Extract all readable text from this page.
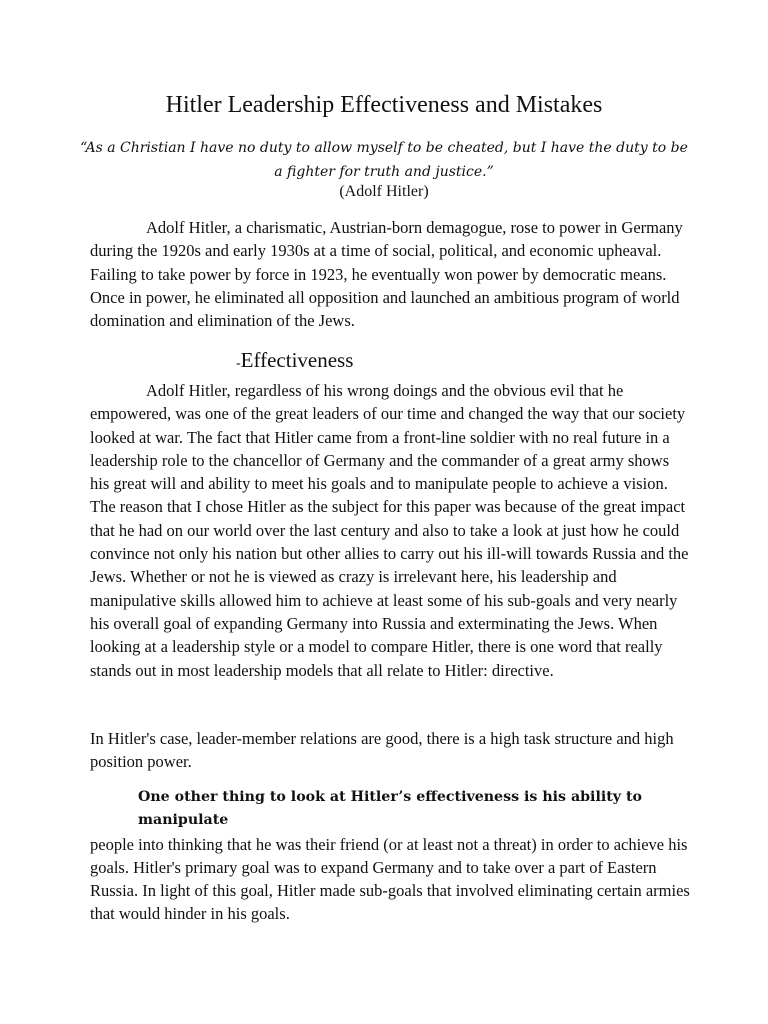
Hitler Leadership Effectiveness and Mistakes

“As a Christian I have no duty to allow myself to be cheated, but I have the duty to be a fighter for truth and justice.”

(Adolf Hitler)

Adolf Hitler, a charismatic, Austrian-born demagogue, rose to power in Germany during the 1920s and early 1930s at a time of social, political, and economic upheaval. Failing to take power by force in 1923, he eventually won power by democratic means. Once in power, he eliminated all opposition and launched an ambitious program of world domination and elimination of the Jews.

-Effectiveness

Adolf Hitler, regardless of his wrong doings and the obvious evil that he empowered, was one of the great leaders of our time and changed the way that our society looked at war. The fact that Hitler came from a front-line soldier with no real future in a leadership role to the chancellor of Germany and the commander of a great army shows his great will and ability to meet his goals and to manipulate people to achieve a vision. The reason that I chose Hitler as the subject for this paper was because of the great impact that he had on our world over the last century and also to take a look at just how he could convince not only his nation but other allies to carry out his ill-will towards Russia and the Jews. Whether or not he is viewed as crazy is irrelevant here, his leadership and manipulative skills allowed him to achieve at least some of his sub-goals and very nearly his overall goal of expanding Germany into Russia and exterminating the Jews. When looking at a leadership style or a model to compare Hitler, there is one word that really stands out in most leadership models that all relate to Hitler: directive.

In Hitler's case, leader-member relations are good, there is a high task structure and high position power.

One other thing to look at Hitler’s effectiveness is his ability to manipulate
people into thinking that he was their friend (or at least not a threat) in order to achieve his goals. Hitler's primary goal was to expand Germany and to take over a part of Eastern Russia. In light of this goal, Hitler made sub-goals that involved eliminating certain armies that would hinder in his goals.
